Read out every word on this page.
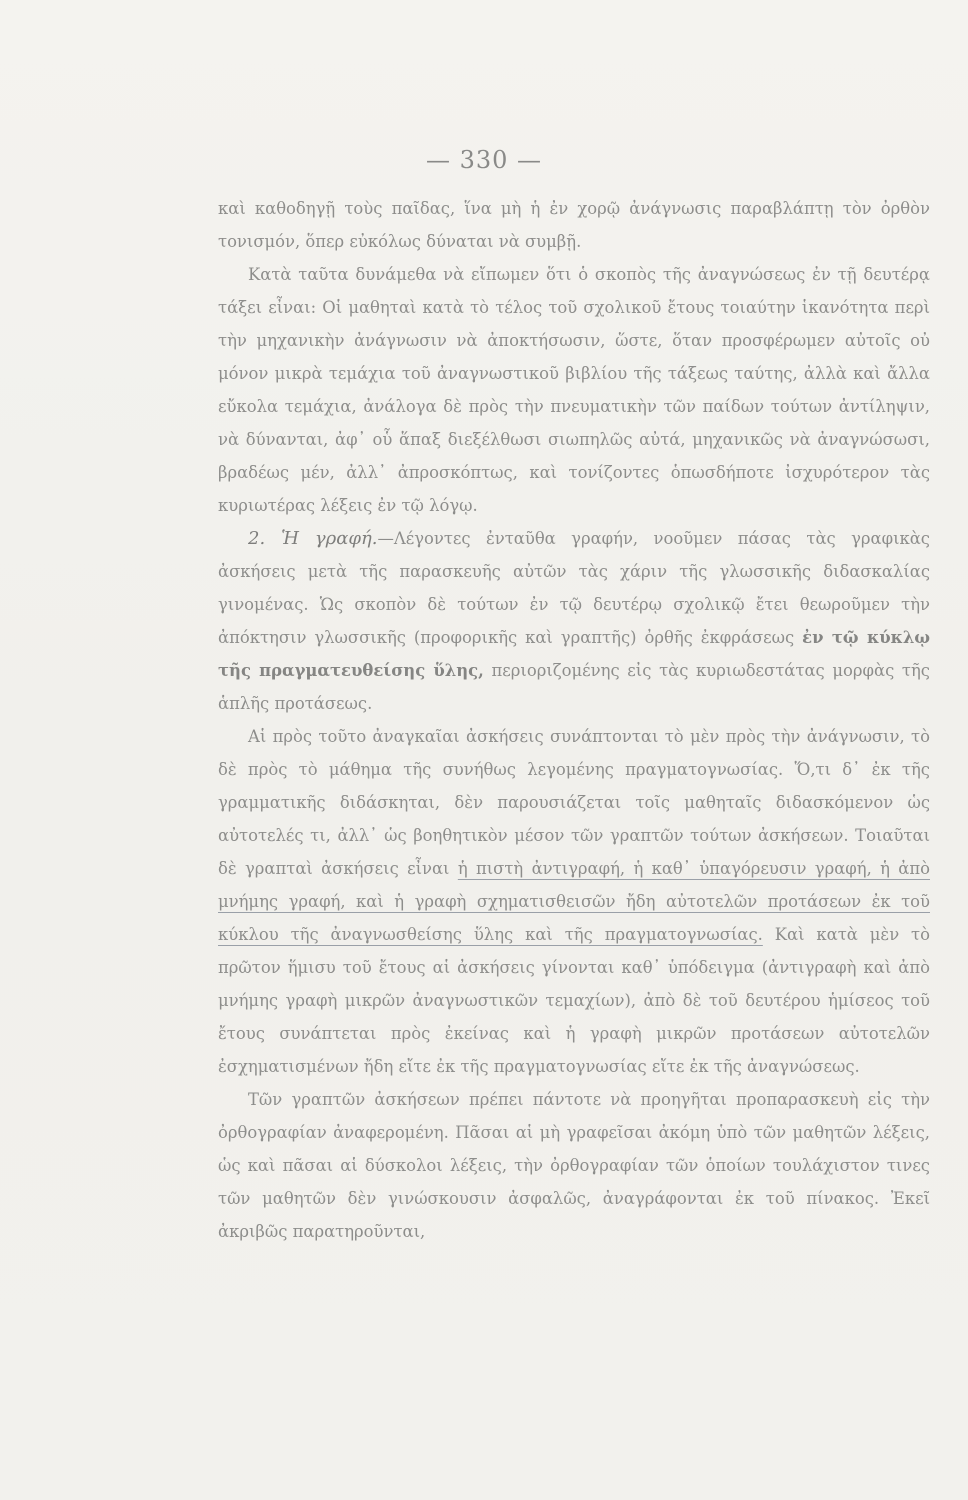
— 330 —

καὶ καθοδηγῇ τοὺς παῖδας, ἵνα μὴ ἡ ἐν χορῷ ἀνάγνωσις παραβλάπτῃ τὸν ὀρθὸν τονισμόν, ὅπερ εὐκόλως δύναται νὰ συμβῇ.

Κατὰ ταῦτα δυνάμεθα νὰ εἴπωμεν ὅτι ὁ σκοπὸς τῆς ἀναγνώσεως ἐν τῇ δευτέρᾳ τάξει εἶναι: Οἱ μαθηταὶ κατὰ τὸ τέλος τοῦ σχολικοῦ ἔτους τοιαύτην ἱκανότητα περὶ τὴν μηχανικὴν ἀνάγνωσιν νὰ ἀποκτήσωσιν, ὥστε, ὅταν προσφέρωμεν αὐτοῖς οὐ μόνον μικρὰ τεμάχια τοῦ ἀναγνωστικοῦ βιβλίου τῆς τάξεως ταύτης, ἀλλὰ καὶ ἄλλα εὔκολα τεμάχια, ἀνάλογα δὲ πρὸς τὴν πνευματικὴν τῶν παίδων τούτων ἀντίληψιν, νὰ δύνανται, ἀφ᾽ οὗ ἅπαξ διεξέλθωσι σιωπηλῶς αὐτά, μηχανικῶς νὰ ἀναγνώσωσι, βραδέως μέν, ἀλλ᾽ ἀπροσκόπτως, καὶ τονίζοντες ὁπωσδήποτε ἰσχυρότερον τὰς κυριωτέρας λέξεις ἐν τῷ λόγῳ.

2. Ἡ γραφή.—Λέγοντες ἐνταῦθα γραφήν, νοοῦμεν πάσας τὰς γραφικὰς ἀσκήσεις μετὰ τῆς παρασκευῆς αὐτῶν τὰς χάριν τῆς γλωσσικῆς διδασκαλίας γινομένας. Ὡς σκοπὸν δὲ τούτων ἐν τῷ δευτέρῳ σχολικῷ ἔτει θεωροῦμεν τὴν ἀπόκτησιν γλωσσικῆς (προφορικῆς καὶ γραπτῆς) ὀρθῆς ἐκφράσεως ἐν τῷ κύκλῳ τῆς πραγματευθείσης ὕλης, περιοριζομένης εἰς τὰς κυριωδεστάτας μορφὰς τῆς ἁπλῆς προτάσεως.

Αἱ πρὸς τοῦτο ἀναγκαῖαι ἀσκήσεις συνάπτονται τὸ μὲν πρὸς τὴν ἀνάγνωσιν, τὸ δὲ πρὸς τὸ μάθημα τῆς συνήθως λεγομένης πραγματογνωσίας. Ὅ,τι δ᾽ ἐκ τῆς γραμματικῆς διδάσκηται, δὲν παρουσιάζεται τοῖς μαθηταῖς διδασκόμενον ὡς αὐτοτελές τι, ἀλλ᾽ ὡς βοηθητικὸν μέσον τῶν γραπτῶν τούτων ἀσκήσεων. Τοιαῦται δὲ γραπταὶ ἀσκήσεις εἶναι ἡ πιστὴ ἀντιγραφή, ἡ καθ᾽ ὑπαγόρευσιν γραφή, ἡ ἀπὸ μνήμης γραφή, καὶ ἡ γραφὴ σχηματισθεισῶν ἤδη αὐτοτελῶν προτάσεων ἐκ τοῦ κύκλου τῆς ἀναγνωσθείσης ὕλης καὶ τῆς πραγματογνωσίας. Καὶ κατὰ μὲν τὸ πρῶτον ἥμισυ τοῦ ἔτους αἱ ἀσκήσεις γίνονται καθ᾽ ὑπόδειγμα (ἀντιγραφὴ καὶ ἀπὸ μνήμης γραφὴ μικρῶν ἀναγνωστικῶν τεμαχίων), ἀπὸ δὲ τοῦ δευτέρου ἡμίσεος τοῦ ἔτους συνάπτεται πρὸς ἐκείνας καὶ ἡ γραφὴ μικρῶν προτάσεων αὐτοτελῶν ἐσχηματισμένων ἤδη εἴτε ἐκ τῆς πραγματογνωσίας εἴτε ἐκ τῆς ἀναγνώσεως.

Τῶν γραπτῶν ἀσκήσεων πρέπει πάντοτε νὰ προηγῆται προπαρασκευὴ εἰς τὴν ὀρθογραφίαν ἀναφερομένη. Πᾶσαι αἱ μὴ γραφεῖσαι ἀκόμη ὑπὸ τῶν μαθητῶν λέξεις, ὡς καὶ πᾶσαι αἱ δύσκολοι λέξεις, τὴν ὀρθογραφίαν τῶν ὁποίων τουλάχιστον τινες τῶν μαθητῶν δὲν γινώσκουσιν ἀσφαλῶς, ἀναγράφονται ἐκ τοῦ πίνακος. Ἐκεῖ ἀκριβῶς παρατηροῦνται,
